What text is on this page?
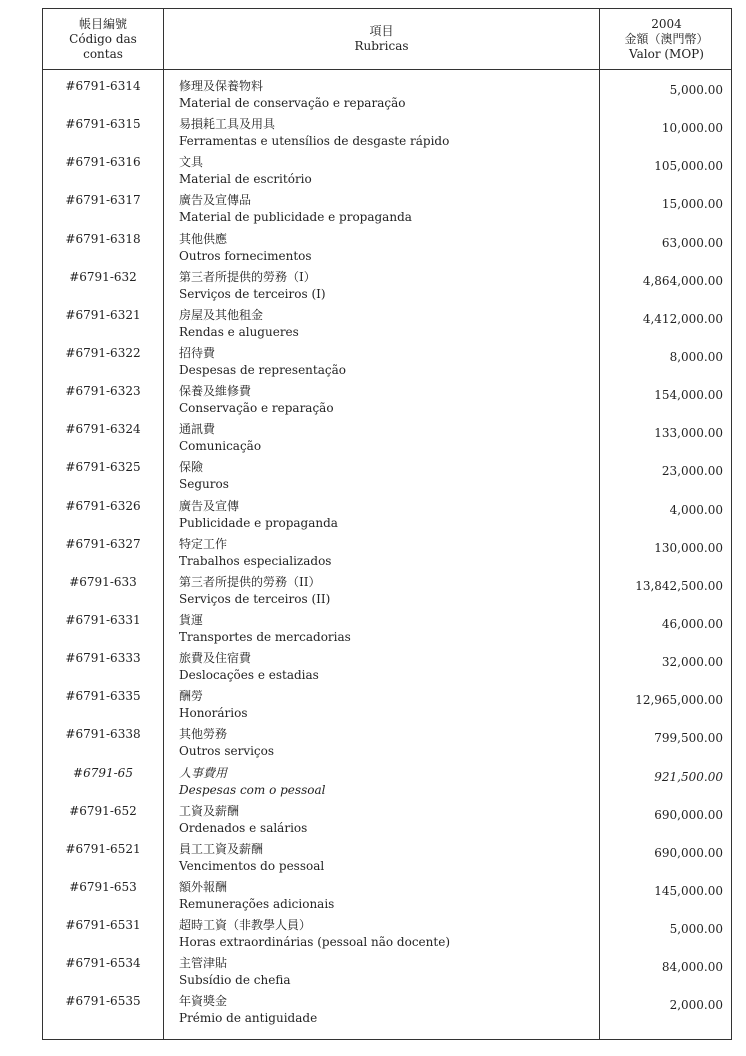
帳目編號
Código das
contas
項目
Rubricas
2004
金額（澳門幣）
Valor (MOP)
#6791-6314	修理及保養物料
Material de conservação e reparação
5,000.00
#6791-6315	易損耗工具及用具
Ferramentas e utensílios de desgaste rápido
10,000.00
#6791-6316	文具
Material de escritório
105,000.00
#6791-6317	廣告及宣傳品
Material de publicidade e propaganda
15,000.00
#6791-6318	其他供應
Outros fornecimentos
63,000.00
#6791-632	第三者所提供的勞務（I）
Serviços de terceiros (I)
4,864,000.00
#6791-6321	房屋及其他租金
Rendas e alugueres
4,412,000.00
#6791-6322	招待費
Despesas de representação
8,000.00
#6791-6323	保養及維修費
Conservação e reparação
154,000.00
#6791-6324	通訊費
Comunicação
133,000.00
#6791-6325	保險
Seguros
23,000.00
#6791-6326	廣告及宣傳
Publicidade e propaganda
4,000.00
#6791-6327	特定工作
Trabalhos especializados
130,000.00
#6791-633	第三者所提供的勞務（II）
Serviços de terceiros (II)
13,842,500.00
#6791-6331	貨運
Transportes de mercadorias
46,000.00
#6791-6333	旅費及住宿費
Deslocações e estadias
32,000.00
#6791-6335	酬勞
Honorários
12,965,000.00
#6791-6338	其他勞務
Outros serviços
799,500.00
#6791-65	人事費用
Despesas com o pessoal
921,500.00
#6791-652	工資及薪酬
Ordenados e salários
690,000.00
#6791-6521	員工工資及薪酬
Vencimentos do pessoal
690,000.00
#6791-653	額外報酬
Remunerações adicionais
145,000.00
#6791-6531	超時工資（非教學人員）
Horas extraordinárias (pessoal não docente)
5,000.00
#6791-6534	主管津貼
Subsídio de chefia
84,000.00
#6791-6535	年資獎金
Prémio de antiguidade
2,000.00
